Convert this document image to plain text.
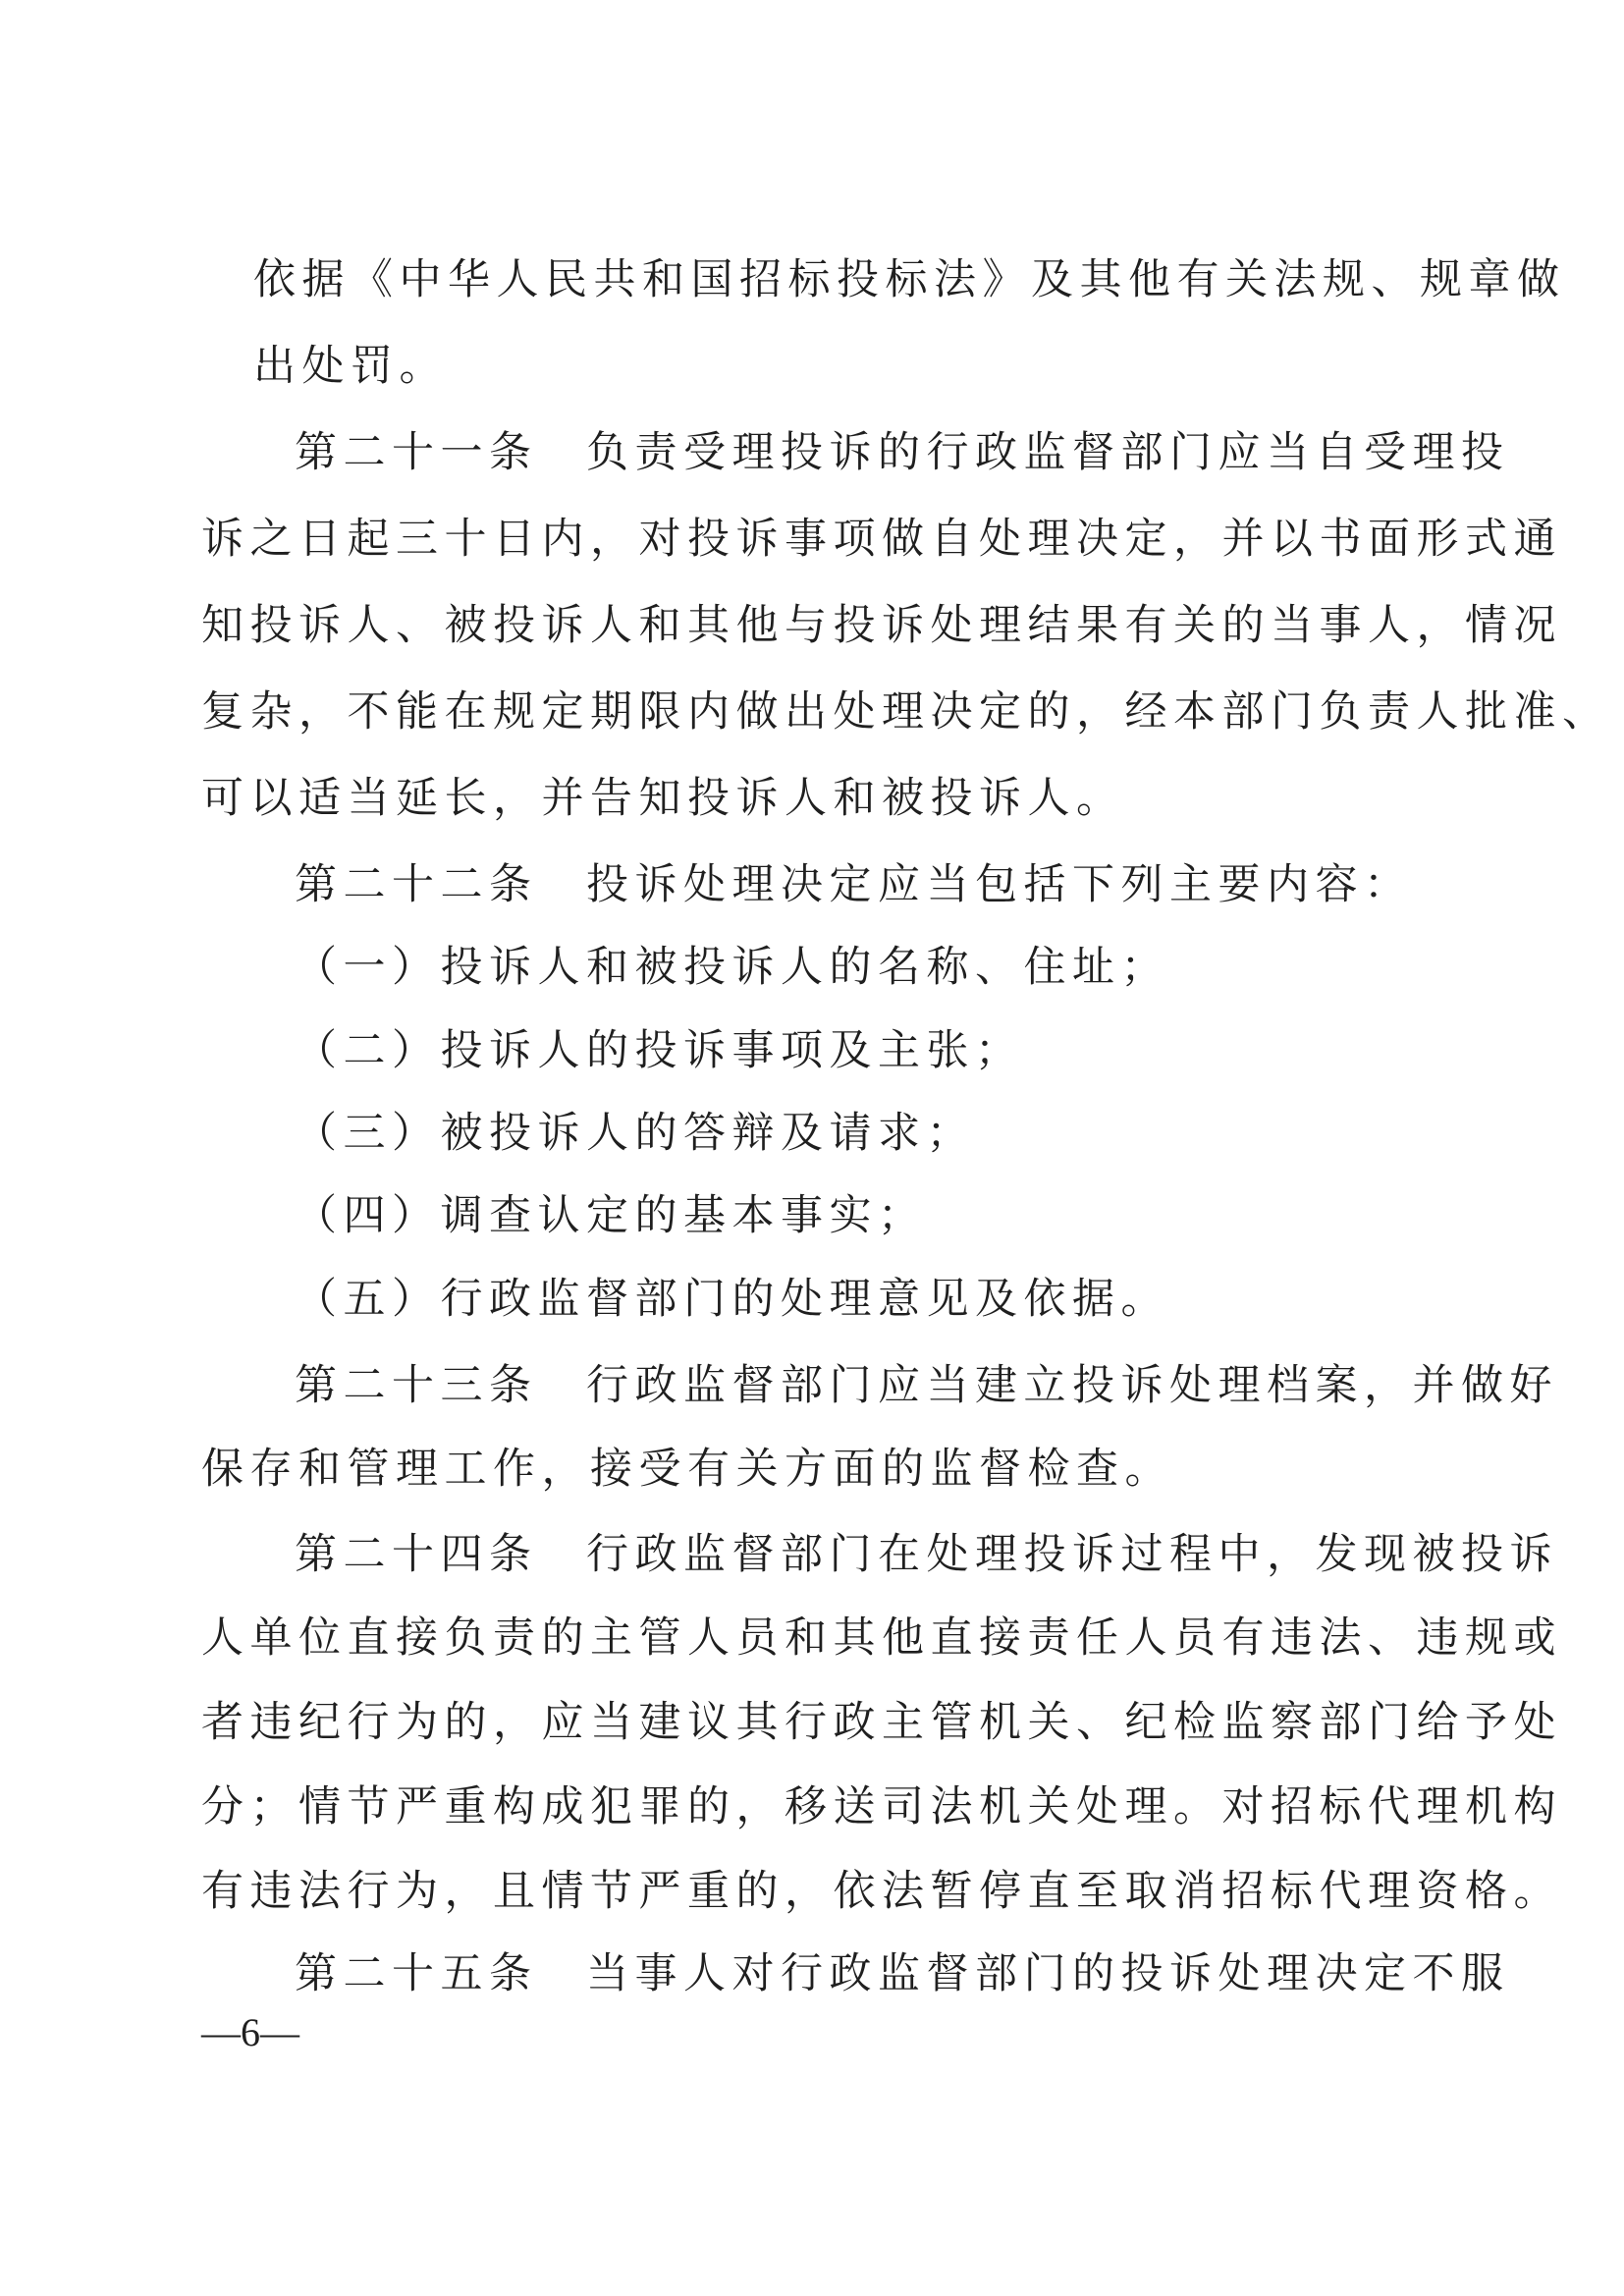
依据《中华人民共和国招标投标法》及其他有关法规、规章做
出处罚。
第二十一条　负责受理投诉的行政监督部门应当自受理投
诉之日起三十日内，对投诉事项做自处理决定，并以书面形式通
知投诉人、被投诉人和其他与投诉处理结果有关的当事人，情况
复杂，不能在规定期限内做出处理决定的，经本部门负责人批准、
可以适当延长，并告知投诉人和被投诉人。
第二十二条　投诉处理决定应当包括下列主要内容：
（一）投诉人和被投诉人的名称、住址；
（二）投诉人的投诉事项及主张；
（三）被投诉人的答辩及请求；
（四）调查认定的基本事实；
（五）行政监督部门的处理意见及依据。
第二十三条　行政监督部门应当建立投诉处理档案，并做好
保存和管理工作，接受有关方面的监督检查。
第二十四条　行政监督部门在处理投诉过程中，发现被投诉
人单位直接负责的主管人员和其他直接责任人员有违法、违规或
者违纪行为的，应当建议其行政主管机关、纪检监察部门给予处
分；情节严重构成犯罪的，移送司法机关处理。对招标代理机构
有违法行为，且情节严重的，依法暂停直至取消招标代理资格。
第二十五条　当事人对行政监督部门的投诉处理决定不服
—6—
